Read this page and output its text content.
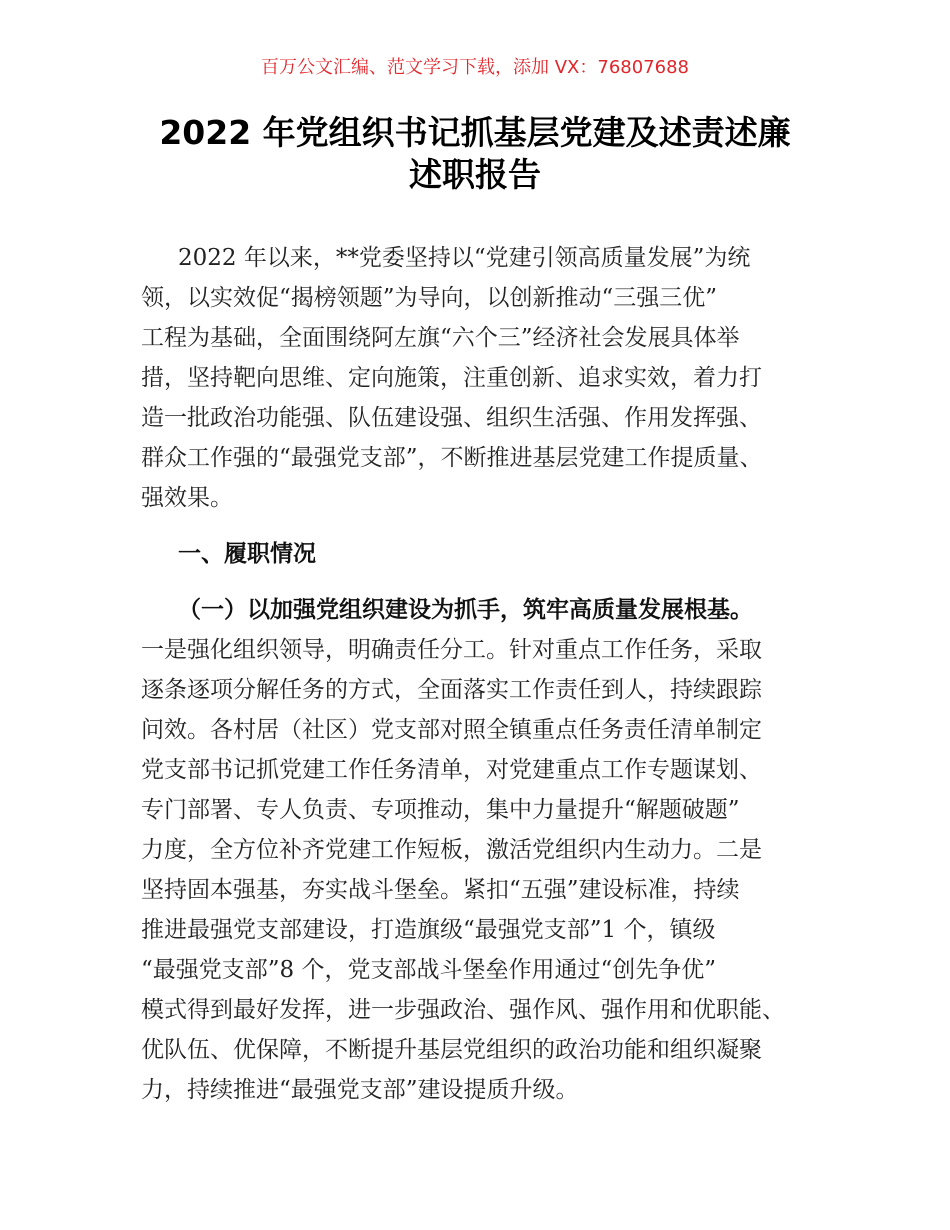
百万公文汇编、范文学习下载，添加 VX：76807688
2022 年党组织书记抓基层党建及述责述廉
述职报告
2022 年以来，**党委坚持以“党建引领高质量发展”为统
领，以实效促“揭榜领题”为导向，以创新推动“三强三优”
工程为基础，全面围绕阿左旗“六个三”经济社会发展具体举
措，坚持靶向思维、定向施策，注重创新、追求实效，着力打
造一批政治功能强、队伍建设强、组织生活强、作用发挥强、
群众工作强的“最强党支部”，不断推进基层党建工作提质量、
强效果。
一、履职情况
（一）以加强党组织建设为抓手，筑牢高质量发展根基。
一是强化组织领导，明确责任分工。针对重点工作任务，采取
逐条逐项分解任务的方式，全面落实工作责任到人，持续跟踪
问效。各村居（社区）党支部对照全镇重点任务责任清单制定
党支部书记抓党建工作任务清单，对党建重点工作专题谋划、
专门部署、专人负责、专项推动，集中力量提升“解题破题”
力度，全方位补齐党建工作短板，激活党组织内生动力。二是
坚持固本强基，夯实战斗堡垒。紧扣“五强”建设标准，持续
推进最强党支部建设，打造旗级“最强党支部”1 个，镇级
“最强党支部”8 个，党支部战斗堡垒作用通过“创先争优”
模式得到最好发挥，进一步强政治、强作风、强作用和优职能、
优队伍、优保障，不断提升基层党组织的政治功能和组织凝聚
力，持续推进“最强党支部”建设提质升级。
